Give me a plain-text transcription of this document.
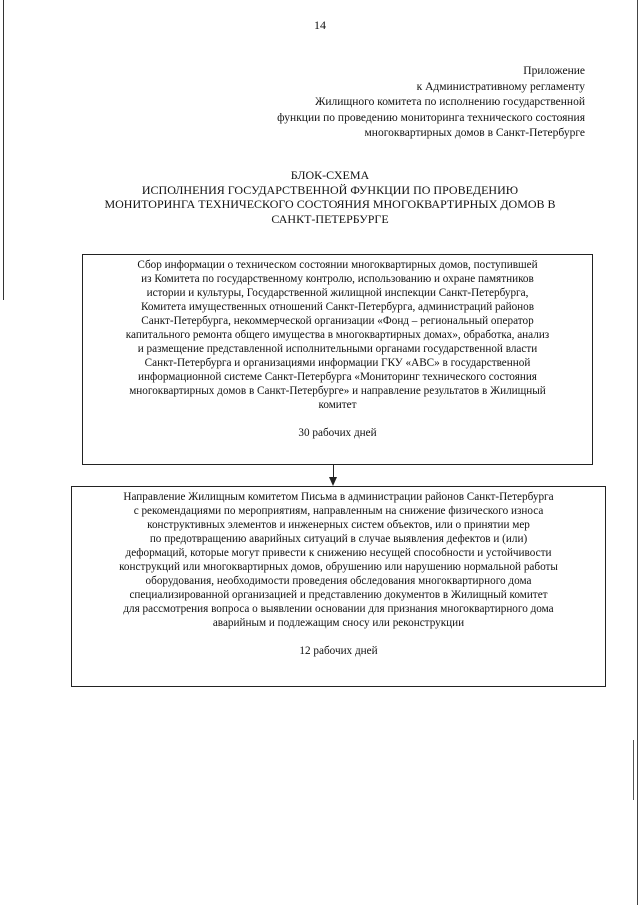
14
Приложение
к Административному регламенту
Жилищного комитета по исполнению государственной
функции по проведению мониторинга технического состояния
многоквартирных домов в Санкт-Петербурге
БЛОК-СХЕМА
ИСПОЛНЕНИЯ ГОСУДАРСТВЕННОЙ ФУНКЦИИ ПО ПРОВЕДЕНИЮ
МОНИТОРИНГА ТЕХНИЧЕСКОГО СОСТОЯНИЯ МНОГОКВАРТИРНЫХ ДОМОВ В
САНКТ-ПЕТЕРБУРГЕ
Сбор информации о техническом состоянии многоквартирных домов, поступившей
из Комитета по государственному контролю, использованию и охране памятников
истории и культуры, Государственной жилищной инспекции Санкт-Петербурга,
Комитета имущественных отношений Санкт-Петербурга, администраций районов
Санкт-Петербурга, некоммерческой организации «Фонд – региональный оператор
капитального ремонта общего имущества в многоквартирных домах», обработка, анализ
и размещение представленной исполнительными органами государственной власти
Санкт-Петербурга и организациями информации ГКУ «АВС» в государственной
информационной системе Санкт-Петербурга «Мониторинг технического состояния
многоквартирных домов в Санкт-Петербурге» и направление результатов в Жилищный
комитет
30 рабочих дней
Направление Жилищным комитетом Письма в администрации районов Санкт-Петербурга
с рекомендациями по мероприятиям, направленным на снижение физического износа
конструктивных элементов и инженерных систем объектов, или о принятии мер
по предотвращению аварийных ситуаций в случае выявления дефектов и (или)
деформаций, которые могут привести к снижению несущей способности и устойчивости
конструкций или многоквартирных домов, обрушению или нарушению нормальной работы
оборудования, необходимости проведения обследования многоквартирного дома
специализированной организацией и представлению документов в Жилищный комитет
для рассмотрения вопроса о выявлении основании для признания многоквартирного дома
аварийным и подлежащим сносу или реконструкции
12 рабочих дней
